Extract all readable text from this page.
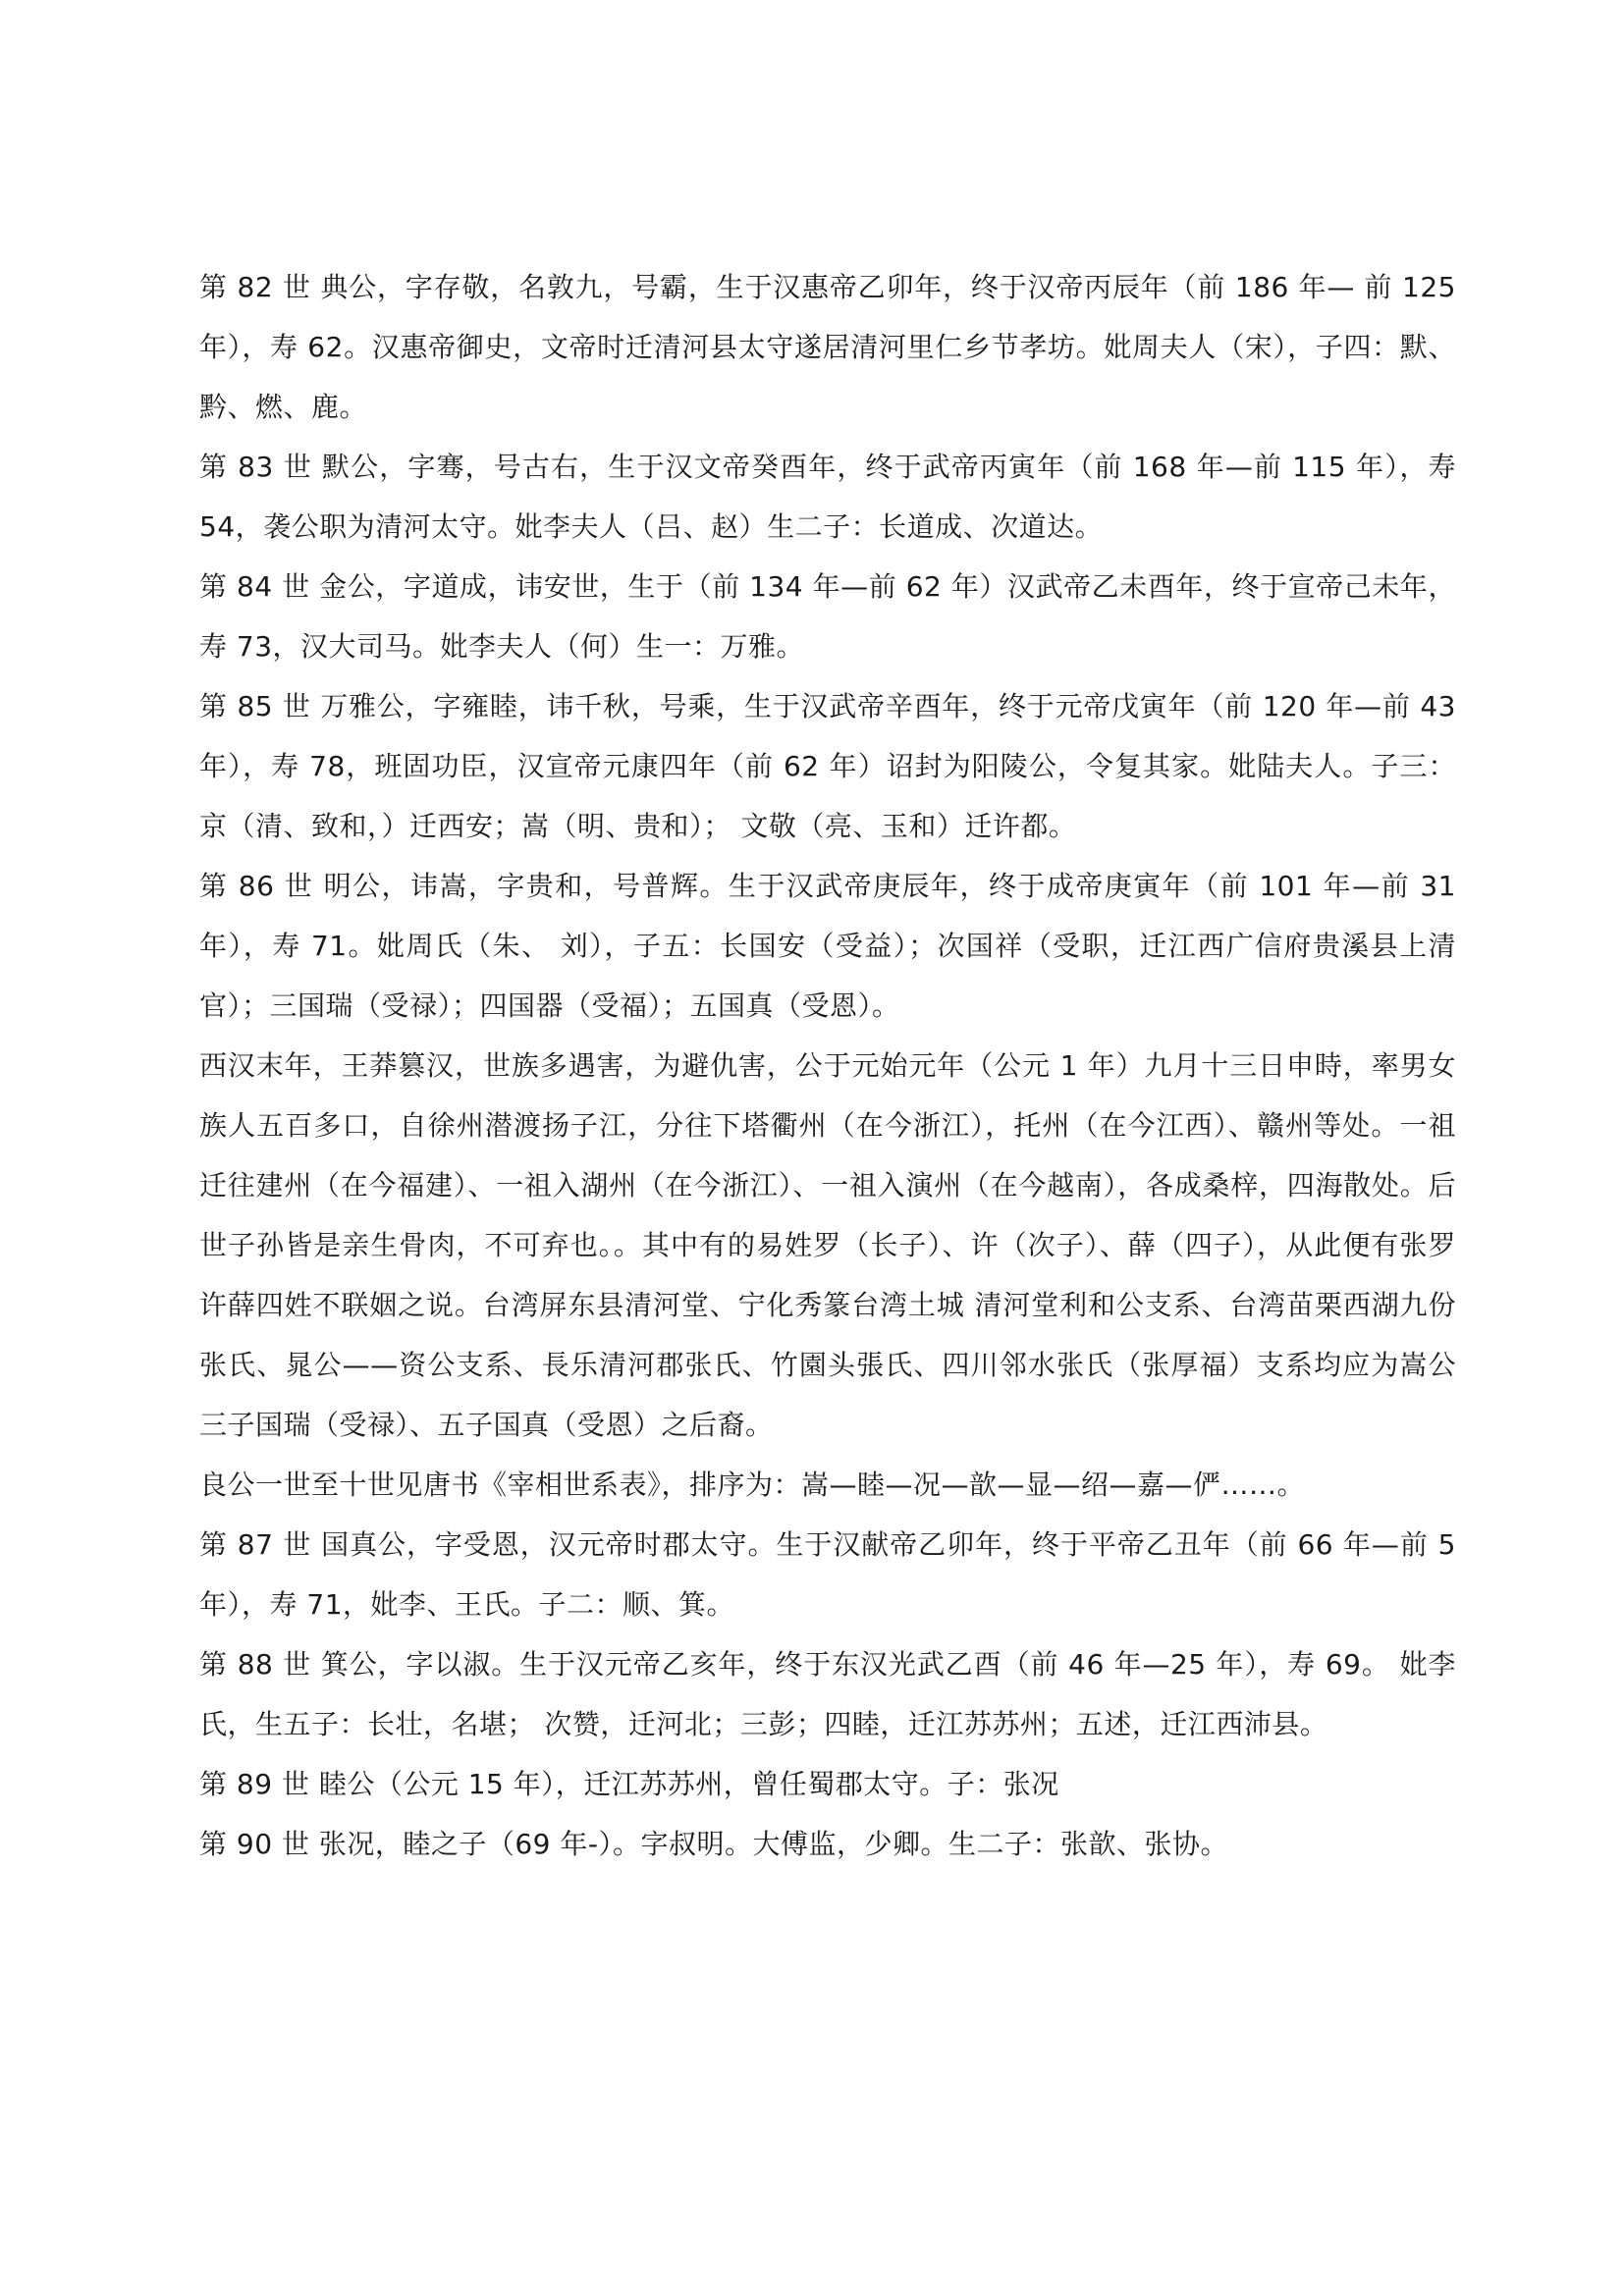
第 82 世 典公，字存敬，名敦九，号霸，生于汉惠帝乙卯年，终于汉帝丙辰年（前 186 年— 前 125 年），寿 62。汉惠帝御史，文帝时迁清河县太守遂居清河里仁乡节孝坊。妣周夫人（宋），子四：默、黔、燃、鹿。

第 83 世 默公，字骞，号古右，生于汉文帝癸酉年，终于武帝丙寅年（前 168 年—前 115 年），寿 54，袭公职为清河太守。妣李夫人（吕、赵）生二子：长道成、次道达。

第 84 世 金公，字道成，讳安世，生于（前 134 年—前 62 年）汉武帝乙未酉年，终于宣帝己未年，寿 73，汉大司马。妣李夫人（何）生一：万雅。

第 85 世 万雅公，字雍睦，讳千秋，号乘，生于汉武帝辛酉年，终于元帝戊寅年（前 120 年—前 43 年），寿 78，班固功臣，汉宣帝元康四年（前 62 年）诏封为阳陵公，令复其家。妣陆夫人。子三：京（清、致和，）迁西安；嵩（明、贵和）； 文敬（亮、玉和）迁许都。

第 86 世 明公，讳嵩，字贵和，号普辉。生于汉武帝庚辰年，终于成帝庚寅年（前 101 年—前 31 年），寿 71。妣周氏（朱、 刘），子五：长国安（受益）；次国祥（受职，迁江西广信府贵溪县上清官）；三国瑞（受禄）；四国器（受福）；五国真（受恩）。

西汉末年，王莽篡汉，世族多遇害，为避仇害，公于元始元年（公元 1 年）九月十三日申時，率男女族人五百多口，自徐州潜渡扬子江，分往下塔衢州（在今浙江），托州（在今江西）、赣州等处。一祖迁往建州（在今福建）、一祖入湖州（在今浙江）、一祖入演州（在今越南），各成桑梓，四海散处。后世子孙皆是亲生骨肉，不可弃也。。其中有的易姓罗（长子）、许（次子）、薛（四子），从此便有张罗许薛四姓不联姻之说。台湾屏东县清河堂、宁化秀篆台湾土城 清河堂利和公支系、台湾苗栗西湖九份张氏、晁公——资公支系、長乐清河郡张氏、竹園头張氏、四川邻水张氏（张厚福）支系均应为嵩公三子国瑞（受禄）、五子国真（受恩）之后裔。

良公一世至十世见唐书《宰相世系表》，排序为：嵩—睦—况—歆—显—绍—嘉—俨……。

第 87 世 国真公，字受恩，汉元帝时郡太守。生于汉献帝乙卯年，终于平帝乙丑年（前 66 年—前 5 年），寿 71，妣李、王氏。子二：顺、箕。

第 88 世 箕公，字以淑。生于汉元帝乙亥年，终于东汉光武乙酉（前 46 年—25 年），寿 69。 妣李氏，生五子：长壮，名堪； 次赞，迁河北；三彭；四睦，迁江苏苏州；五述，迁江西沛县。

第 89 世 睦公（公元 15 年），迁江苏苏州，曾任蜀郡太守。子：张况

第 90 世 张况，睦之子（69 年-）。字叔明。大傅监，少卿。生二子：张歆、张协。
